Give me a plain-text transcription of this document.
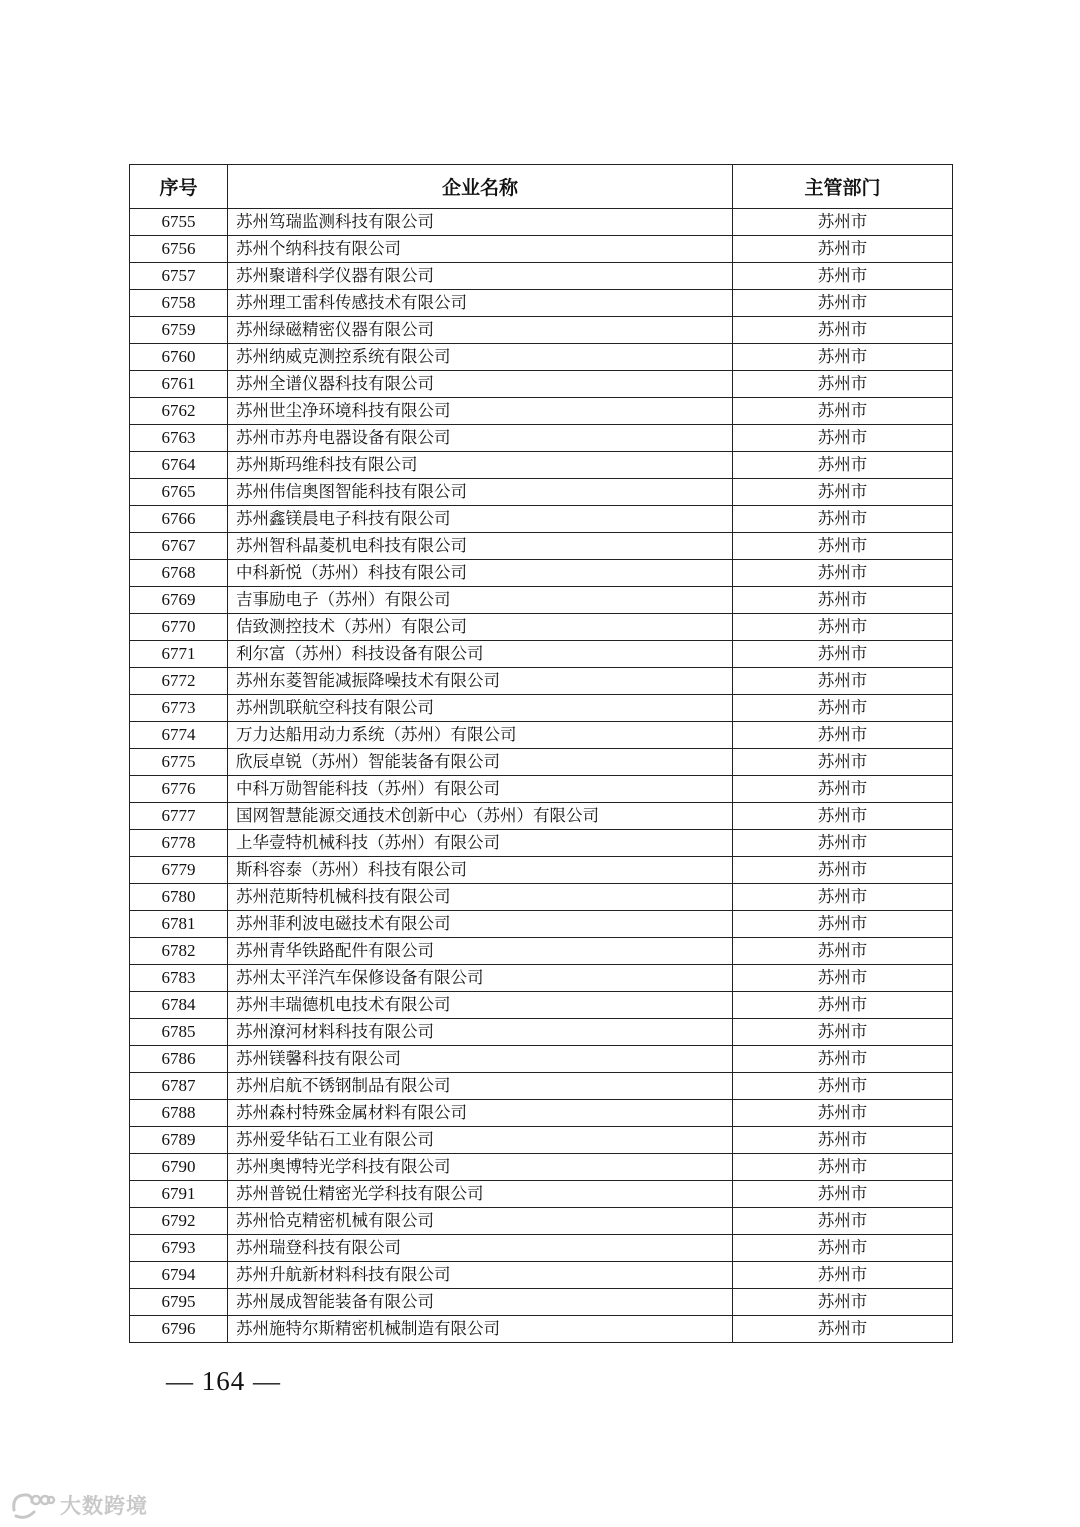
序号	企业名称	主管部门
6755	苏州笃瑞监测科技有限公司	苏州市
6756	苏州个纳科技有限公司	苏州市
6757	苏州聚谱科学仪器有限公司	苏州市
6758	苏州理工雷科传感技术有限公司	苏州市
6759	苏州绿磁精密仪器有限公司	苏州市
6760	苏州纳威克测控系统有限公司	苏州市
6761	苏州全谱仪器科技有限公司	苏州市
6762	苏州世尘净环境科技有限公司	苏州市
6763	苏州市苏舟电器设备有限公司	苏州市
6764	苏州斯玛维科技有限公司	苏州市
6765	苏州伟信奥图智能科技有限公司	苏州市
6766	苏州鑫镁晨电子科技有限公司	苏州市
6767	苏州智科晶菱机电科技有限公司	苏州市
6768	中科新悦（苏州）科技有限公司	苏州市
6769	吉事励电子（苏州）有限公司	苏州市
6770	佶致测控技术（苏州）有限公司	苏州市
6771	利尔富（苏州）科技设备有限公司	苏州市
6772	苏州东菱智能减振降噪技术有限公司	苏州市
6773	苏州凯联航空科技有限公司	苏州市
6774	万力达船用动力系统（苏州）有限公司	苏州市
6775	欣辰卓锐（苏州）智能装备有限公司	苏州市
6776	中科万勋智能科技（苏州）有限公司	苏州市
6777	国网智慧能源交通技术创新中心（苏州）有限公司	苏州市
6778	上华壹特机械科技（苏州）有限公司	苏州市
6779	斯科容泰（苏州）科技有限公司	苏州市
6780	苏州范斯特机械科技有限公司	苏州市
6781	苏州菲利波电磁技术有限公司	苏州市
6782	苏州青华铁路配件有限公司	苏州市
6783	苏州太平洋汽车保修设备有限公司	苏州市
6784	苏州丰瑞德机电技术有限公司	苏州市
6785	苏州潦河材料科技有限公司	苏州市
6786	苏州镁馨科技有限公司	苏州市
6787	苏州启航不锈钢制品有限公司	苏州市
6788	苏州森村特殊金属材料有限公司	苏州市
6789	苏州爱华钻石工业有限公司	苏州市
6790	苏州奥博特光学科技有限公司	苏州市
6791	苏州普锐仕精密光学科技有限公司	苏州市
6792	苏州恰克精密机械有限公司	苏州市
6793	苏州瑞登科技有限公司	苏州市
6794	苏州升航新材料科技有限公司	苏州市
6795	苏州晟成智能装备有限公司	苏州市
6796	苏州施特尔斯精密机械制造有限公司	苏州市
— 164 —
大数跨境
